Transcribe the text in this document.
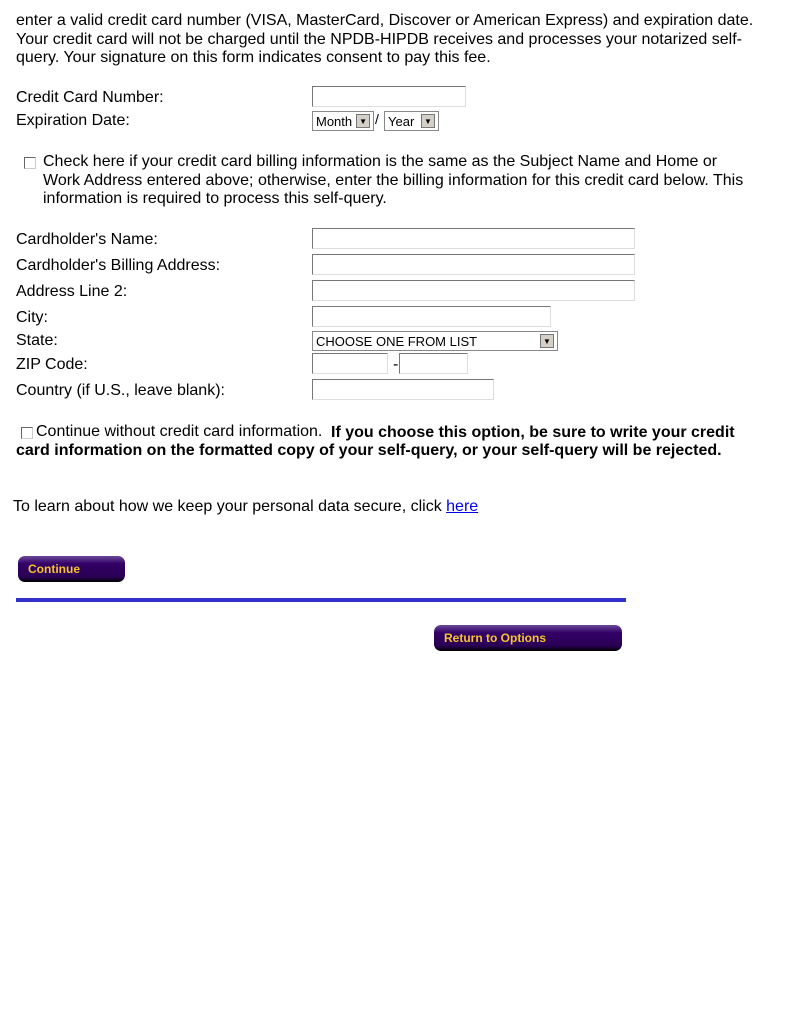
enter a valid credit card number (VISA, MasterCard, Discover or American Express) and expiration date.
Your credit card will not be charged until the NPDB-HIPDB receives and processes your notarized self-
query. Your signature on this form indicates consent to pay this fee.
Credit Card Number:
Expiration Date:	Month ▼ / Year	▼
Check here if your credit card billing information is the same as the Subject Name and Home or
Work Address entered above; otherwise, enter the billing information for this credit card below. This
information is required to process this self-query.
Cardholder's Name:
Cardholder's Billing Address:
Address Line 2:
City:
State:	CHOOSE ONE FROM LIST	▼
ZIP Code:	-
Country (if U.S., leave blank):
Continue without credit card information. If you choose this option, be sure to write your credit
card information on the formatted copy of your self-query, or your self-query will be rejected.
To learn about how we keep your personal data secure, click here
Continue
Return to Options
